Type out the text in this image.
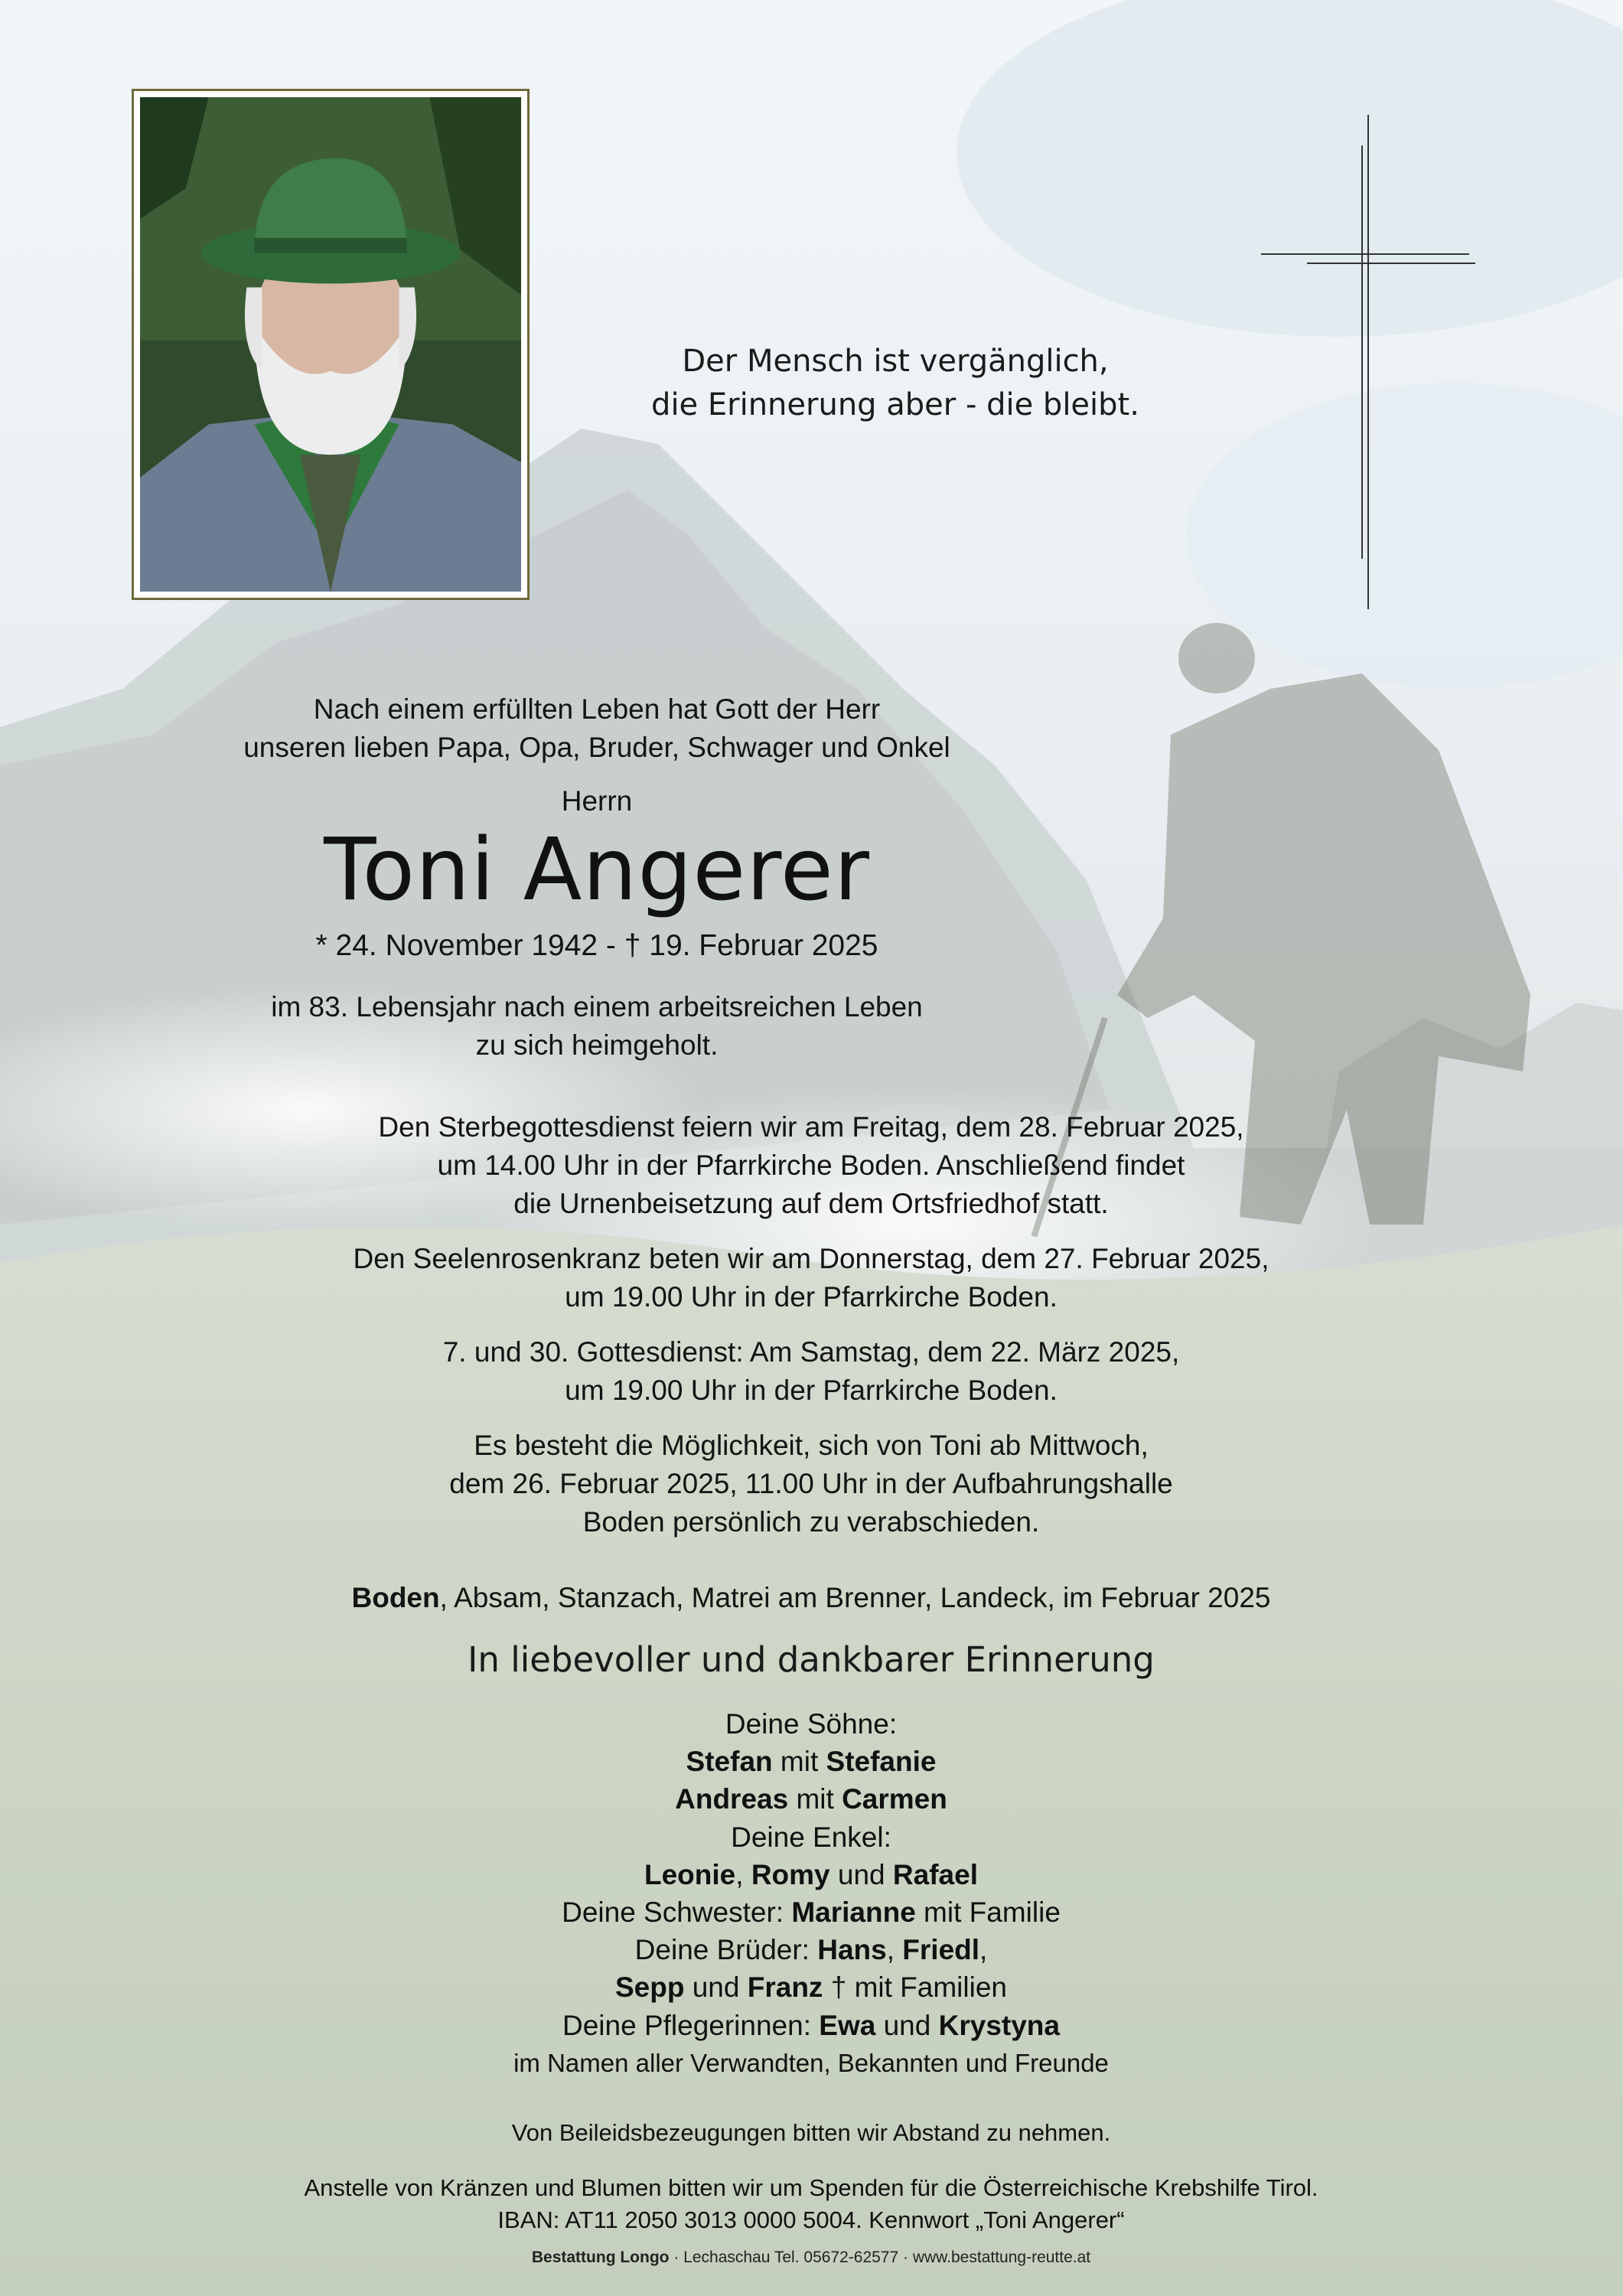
Der Mensch ist vergänglich,
die Erinnerung aber - die bleibt.
Nach einem erfüllten Leben hat Gott der Herr
unseren lieben Papa, Opa, Bruder, Schwager und Onkel
Herrn
Toni Angerer
* 24. November 1942 - † 19. Februar 2025
im 83. Lebensjahr nach einem arbeitsreichen Leben
zu sich heimgeholt.
Den Sterbegottesdienst feiern wir am Freitag, dem 28. Februar 2025,
um 14.00 Uhr in der Pfarrkirche Boden. Anschließend findet
die Urnenbeisetzung auf dem Ortsfriedhof statt.
Den Seelenrosenkranz beten wir am Donnerstag, dem 27. Februar 2025,
um 19.00 Uhr in der Pfarrkirche Boden.
7. und 30. Gottesdienst: Am Samstag, dem 22. März 2025,
um 19.00 Uhr in der Pfarrkirche Boden.
Es besteht die Möglichkeit, sich von Toni ab Mittwoch,
dem 26. Februar 2025, 11.00 Uhr in der Aufbahrungshalle
Boden persönlich zu verabschieden.
Boden, Absam, Stanzach, Matrei am Brenner, Landeck, im Februar 2025
In liebevoller und dankbarer Erinnerung
Deine Söhne:
Stefan mit Stefanie
Andreas mit Carmen
Deine Enkel:
Leonie, Romy und Rafael
Deine Schwester: Marianne mit Familie
Deine Brüder: Hans, Friedl,
Sepp und Franz † mit Familien
Deine Pflegerinnen: Ewa und Krystyna
im Namen aller Verwandten, Bekannten und Freunde
Von Beileidsbezeugungen bitten wir Abstand zu nehmen.
Anstelle von Kränzen und Blumen bitten wir um Spenden für die Österreichische Krebshilfe Tirol.
IBAN: AT11 2050 3013 0000 5004. Kennwort „Toni Angerer“
Bestattung Longo · Lechaschau Tel. 05672-62577 · www.bestattung-reutte.at
